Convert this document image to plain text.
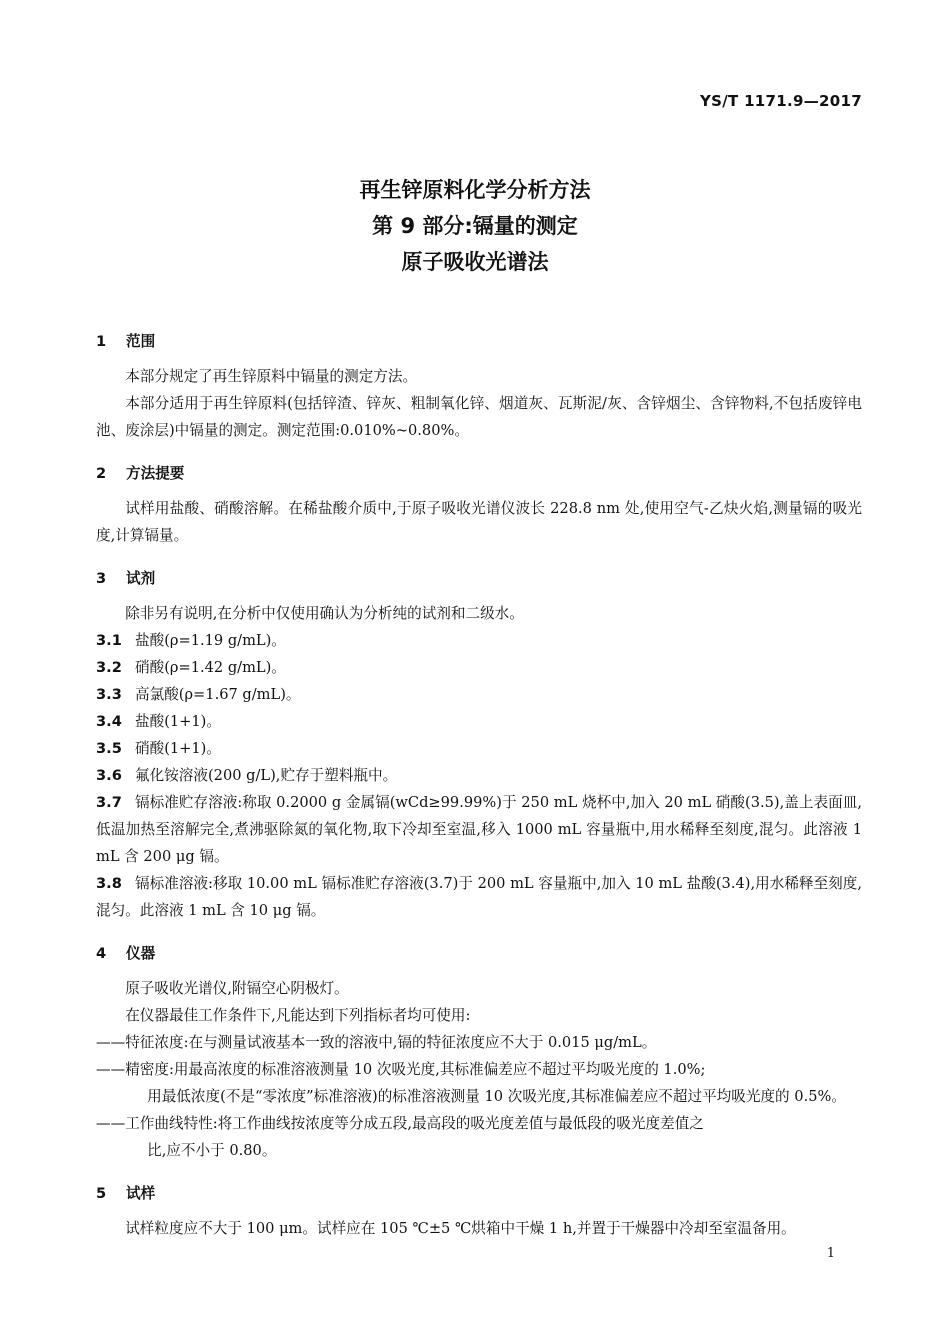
YS/T 1171.9—2017
再生锌原料化学分析方法
第 9 部分:镉量的测定
原子吸收光谱法
1 范围
本部分规定了再生锌原料中镉量的测定方法。
本部分适用于再生锌原料(包括锌渣、锌灰、粗制氧化锌、烟道灰、瓦斯泥/灰、含锌烟尘、含锌物料,不包括废锌电池、废涂层)中镉量的测定。测定范围:0.010%~0.80%。
2 方法提要
试样用盐酸、硝酸溶解。在稀盐酸介质中,于原子吸收光谱仪波长 228.8 nm 处,使用空气-乙炔火焰,测量镉的吸光度,计算镉量。
3 试剂
除非另有说明,在分析中仅使用确认为分析纯的试剂和二级水。
3.1 盐酸(ρ=1.19 g/mL)。
3.2 硝酸(ρ=1.42 g/mL)。
3.3 高氯酸(ρ=1.67 g/mL)。
3.4 盐酸(1+1)。
3.5 硝酸(1+1)。
3.6 氟化铵溶液(200 g/L),贮存于塑料瓶中。
3.7 镉标准贮存溶液:称取 0.2000 g 金属镉(wCd≥99.99%)于 250 mL 烧杯中,加入 20 mL 硝酸(3.5),盖上表面皿,低温加热至溶解完全,煮沸驱除氮的氧化物,取下冷却至室温,移入 1000 mL 容量瓶中,用水稀释至刻度,混匀。此溶液 1 mL 含 200 μg 镉。
3.8 镉标准溶液:移取 10.00 mL 镉标准贮存溶液(3.7)于 200 mL 容量瓶中,加入 10 mL 盐酸(3.4),用水稀释至刻度,混匀。此溶液 1 mL 含 10 μg 镉。
4 仪器
原子吸收光谱仪,附镉空心阴极灯。
在仪器最佳工作条件下,凡能达到下列指标者均可使用:
——特征浓度:在与测量试液基本一致的溶液中,镉的特征浓度应不大于 0.015 μg/mL。
——精密度:用最高浓度的标准溶液测量 10 次吸光度,其标准偏差应不超过平均吸光度的 1.0%;
用最低浓度(不是“零浓度”标准溶液)的标准溶液测量 10 次吸光度,其标准偏差应不超过平均吸光度的 0.5%。
——工作曲线特性:将工作曲线按浓度等分成五段,最高段的吸光度差值与最低段的吸光度差值之
比,应不小于 0.80。
5 试样
试样粒度应不大于 100 μm。试样应在 105 ℃±5 ℃烘箱中干燥 1 h,并置于干燥器中冷却至室温备用。
1
